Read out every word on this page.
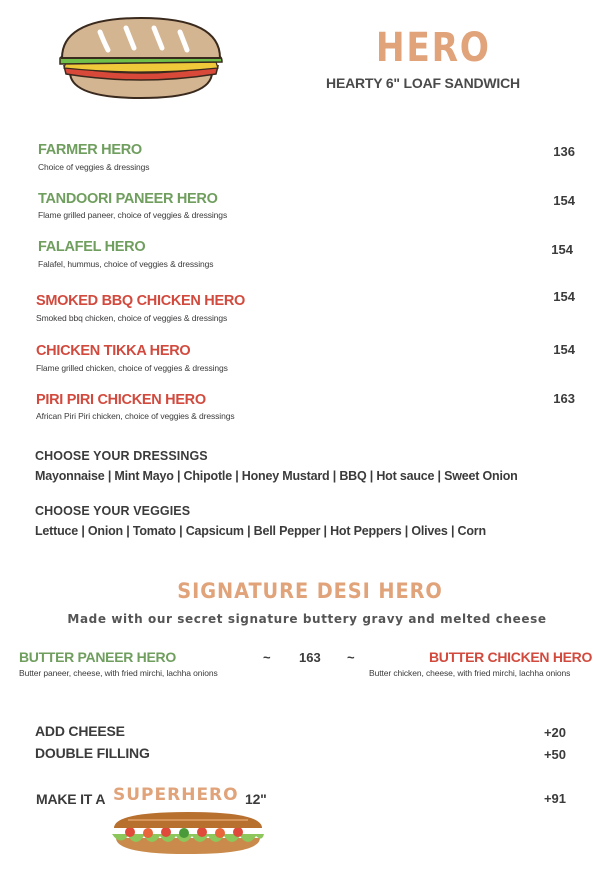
HERO
HEARTY 6" LOAF SANDWICH
FARMER HERO
Choice of veggies & dressings
136
TANDOORI PANEER HERO
Flame grilled paneer, choice of veggies & dressings
154
FALAFEL HERO
Falafel, hummus, choice of veggies & dressings
154
SMOKED BBQ CHICKEN HERO
Smoked bbq chicken, choice of veggies & dressings
154
CHICKEN TIKKA HERO
Flame grilled chicken, choice of veggies & dressings
154
PIRI PIRI CHICKEN HERO
African Piri Piri chicken, choice of veggies & dressings
163
CHOOSE YOUR DRESSINGS
Mayonnaise | Mint Mayo | Chipotle | Honey Mustard | BBQ | Hot sauce | Sweet Onion
CHOOSE YOUR VEGGIES
Lettuce | Onion | Tomato | Capsicum | Bell Pepper | Hot Peppers | Olives | Corn
SIGNATURE DESI HERO
Made with our secret signature buttery gravy and melted cheese
BUTTER PANEER HERO
Butter paneer, cheese, with fried mirchi, lachha onions
~ 163 ~	BUTTER CHICKEN HERO
Butter chicken, cheese, with fried mirchi, lachha onions
ADD CHEESE	+20
DOUBLE FILLING	+50
MAKE IT A SUPERHERO 12"	+91
